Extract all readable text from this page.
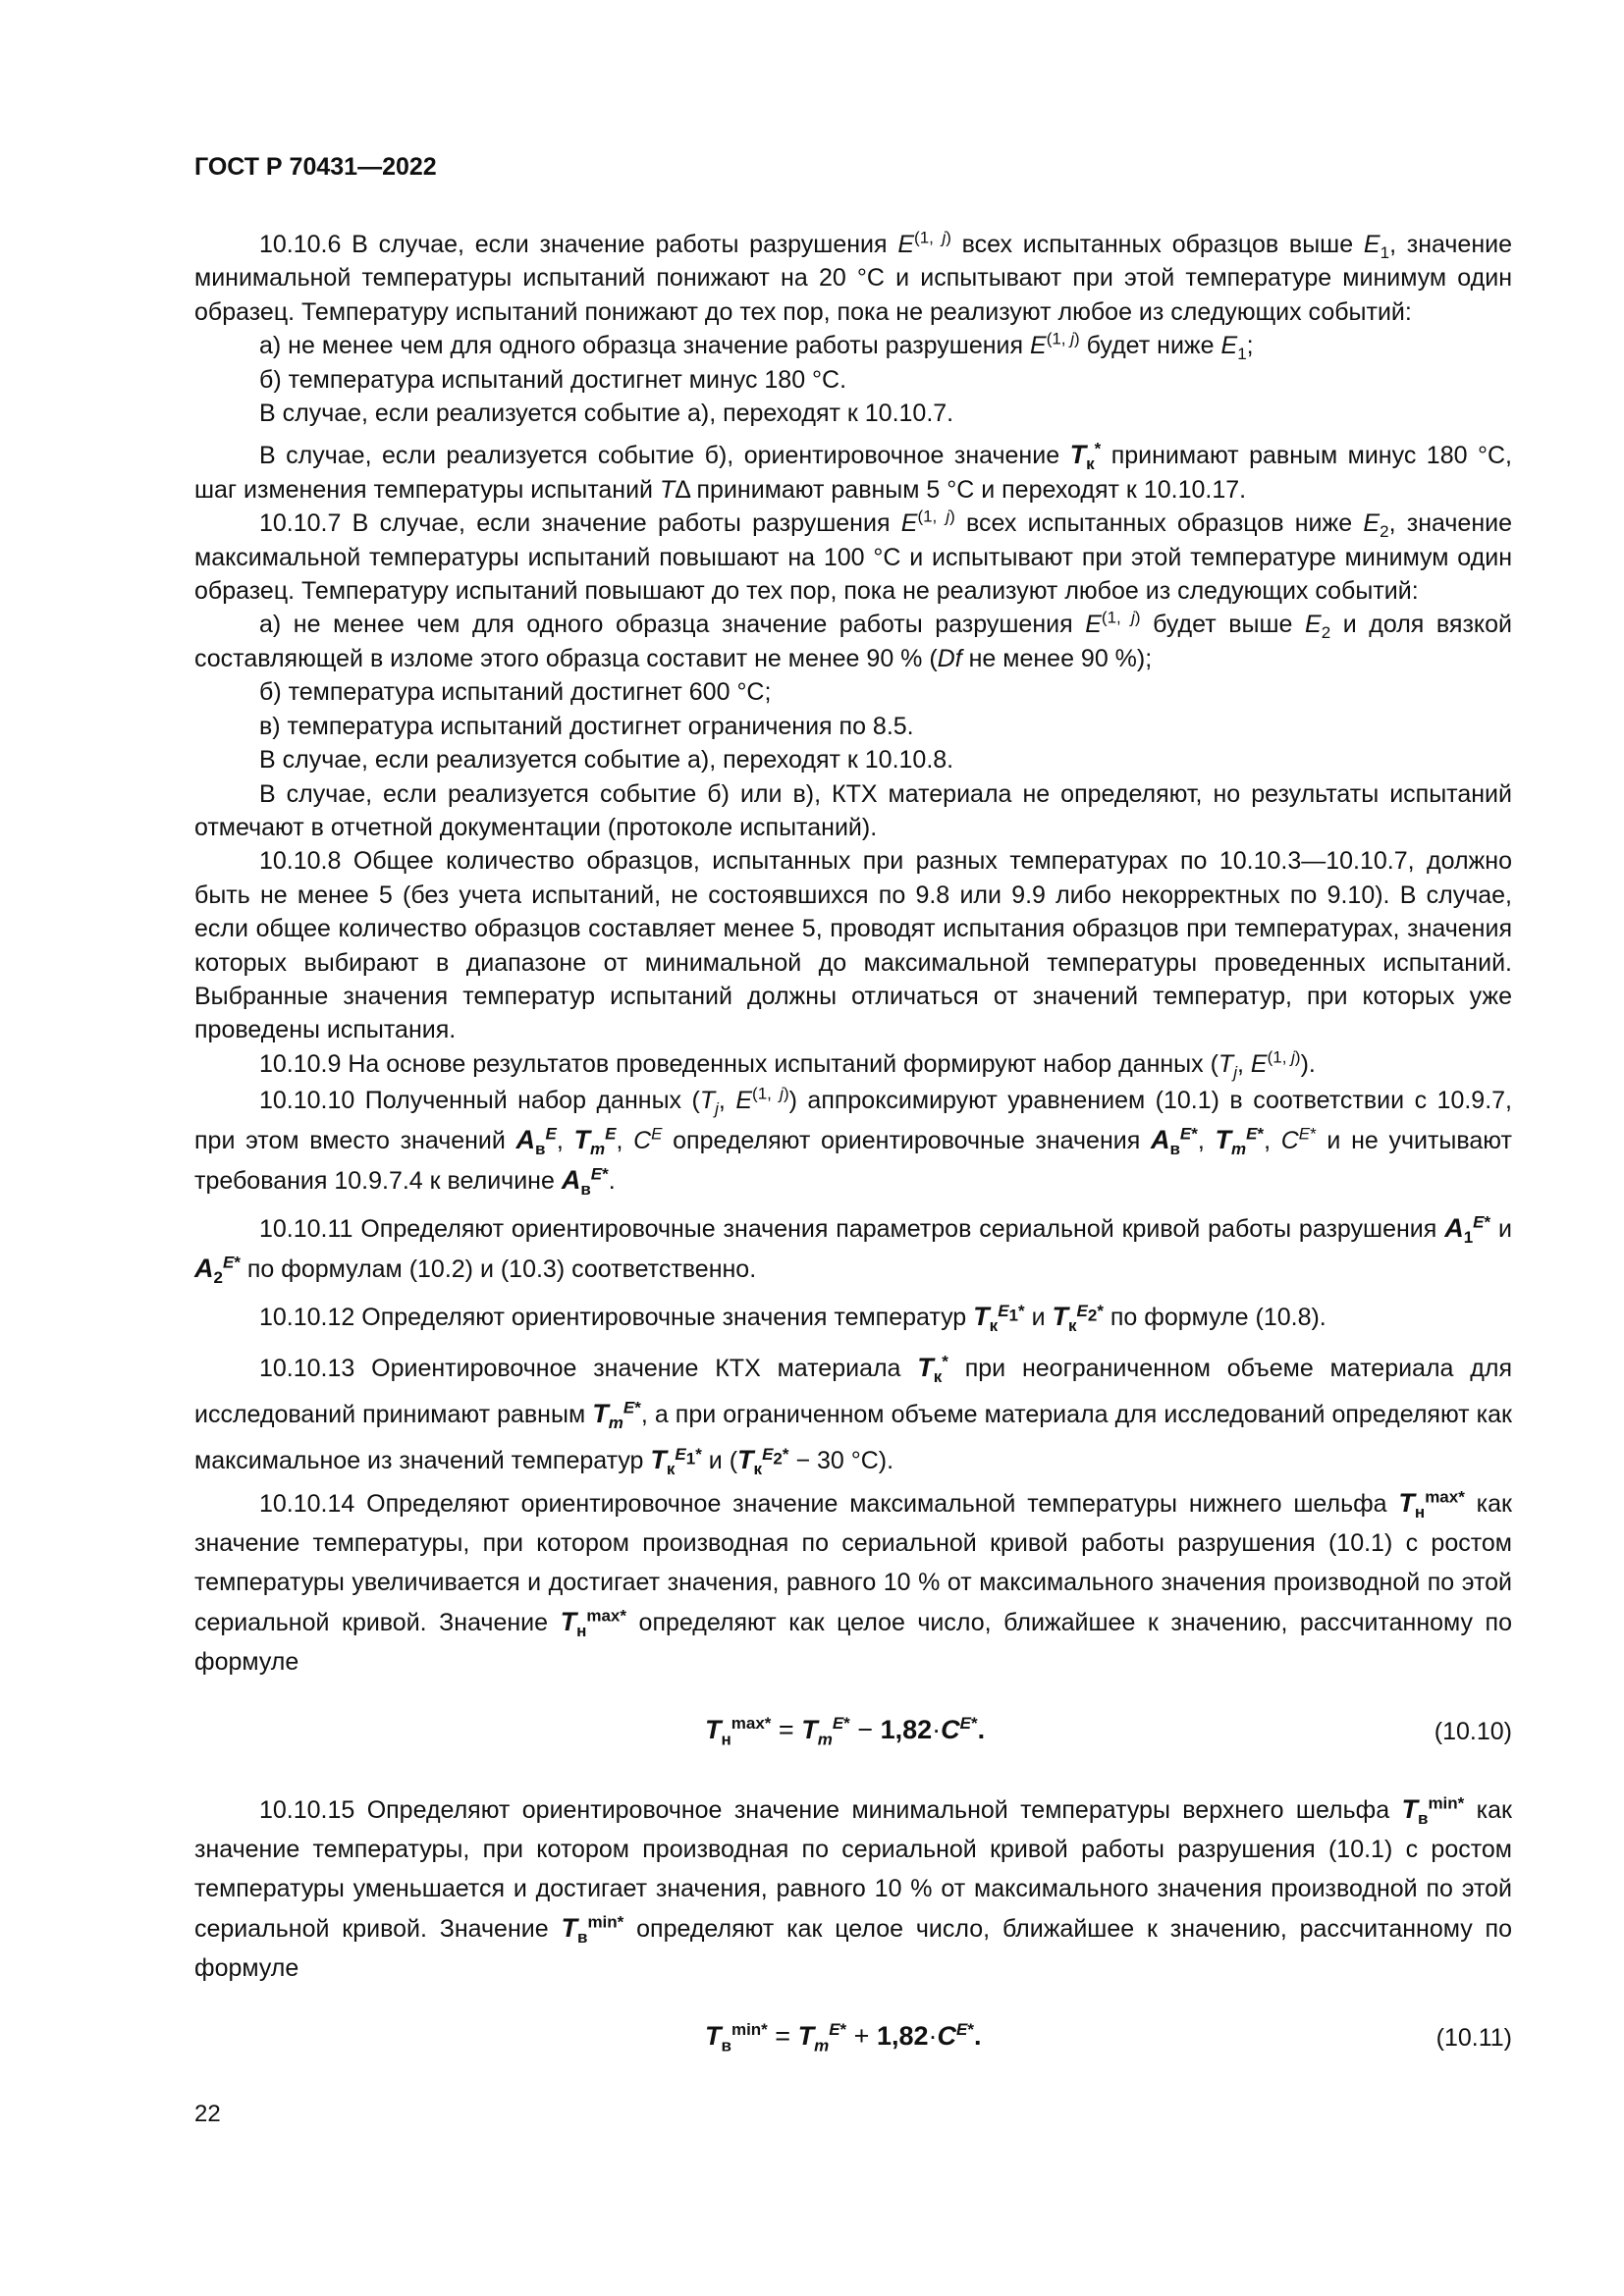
ГОСТ Р 70431—2022

10.10.6 В случае, если значение работы разрушения E$^{(1, j)}$ всех испытанных образцов выше $E_1$, значение минимальной температуры испытаний понижают на 20 °С и испытывают при этой температуре минимум один образец. Температуру испытаний понижают до тех пор, пока не реализуют любое из следующих событий:

а) не менее чем для одного образца значение работы разрушения E$^{(1, j)}$ будет ниже $E_1$;

б) температура испытаний достигнет минус 180 °С.

В случае, если реализуется событие а), переходят к 10.10.7.

В случае, если реализуется событие б), ориентировочное значение $T_к^*$ принимают равным минус 180 °С, шаг изменения температуры испытаний TΔ принимают равным 5 °С и переходят к 10.10.17.

10.10.7 В случае, если значение работы разрушения E$^{(1, j)}$ всех испытанных образцов ниже $E_2$, значение максимальной температуры испытаний повышают на 100 °С и испытывают при этой температуре минимум один образец. Температуру испытаний повышают до тех пор, пока не реализуют любое из следующих событий:

а) не менее чем для одного образца значение работы разрушения E$^{(1, j)}$ будет выше $E_2$ и доля вязкой составляющей в изломе этого образца составит не менее 90 % (Df не менее 90 %);

б) температура испытаний достигнет 600 °С;

в) температура испытаний достигнет ограничения по 8.5.

В случае, если реализуется событие а), переходят к 10.10.8.

В случае, если реализуется событие б) или в), КТХ материала не определяют, но результаты испытаний отмечают в отчетной документации (протоколе испытаний).

10.10.8 Общее количество образцов, испытанных при разных температурах по 10.10.3—10.10.7, должно быть не менее 5 (без учета испытаний, не состоявшихся по 9.8 или 9.9 либо некорректных по 9.10). В случае, если общее количество образцов составляет менее 5, проводят испытания образцов при температурах, значения которых выбирают в диапазоне от минимальной до максимальной температуры проведенных испытаний. Выбранные значения температур испытаний должны отличаться от значений температур, при которых уже проведены испытания.

10.10.9 На основе результатов проведенных испытаний формируют набор данных ($T_j$, E$^{(1, j)}$).

10.10.10 Полученный набор данных ($T_j$, E$^{(1, j)}$) аппроксимируют уравнением (10.1) в соответствии с 10.9.7, при этом вместо значений $A_в^E$, $T_m^E$, $C^E$ определяют ориентировочные значения $A_в^{E*}$, $T_m^{E*}$, $C^{E*}$ и не учитывают требования 10.9.7.4 к величине $A_в^{E*}$.

10.10.11 Определяют ориентировочные значения параметров сериальной кривой работы разрушения $A_1^{E*}$ и $A_2^{E*}$ по формулам (10.2) и (10.3) соответственно.

10.10.12 Определяют ориентировочные значения температур $T_к^{E_1*}$ и $T_к^{E_2*}$ по формуле (10.8).

10.10.13 Ориентировочное значение КТХ материала $T_к^*$ при неограниченном объеме материала для исследований принимают равным $T_m^{E*}$, а при ограниченном объеме материала для исследований определяют как максимальное из значений температур $T_к^{E_1*}$ и ($T_к^{E_2*} - 30$ °С).

10.10.14 Определяют ориентировочное значение максимальной температуры нижнего шельфа $T_н^{max*}$ как значение температуры, при котором производная по сериальной кривой работы разрушения (10.1) с ростом температуры увеличивается и достигает значения, равного 10 % от максимального значения производной по этой сериальной кривой. Значение $T_н^{max*}$ определяют как целое число, ближайшее к значению, рассчитанному по формуле

$T_н^{max*} = T_m^{E*} - 1,82\cdot C^{E*}$.	(10.10)

10.10.15 Определяют ориентировочное значение минимальной температуры верхнего шельфа $T_в^{min*}$ как значение температуры, при котором производная по сериальной кривой работы разрушения (10.1) с ростом температуры уменьшается и достигает значения, равного 10 % от максимального значения производной по этой сериальной кривой. Значение $T_в^{min*}$ определяют как целое число, ближайшее к значению, рассчитанному по формуле

$T_в^{min*} = T_m^{E*} + 1,82\cdot C^{E*}$.	(10.11)
22
